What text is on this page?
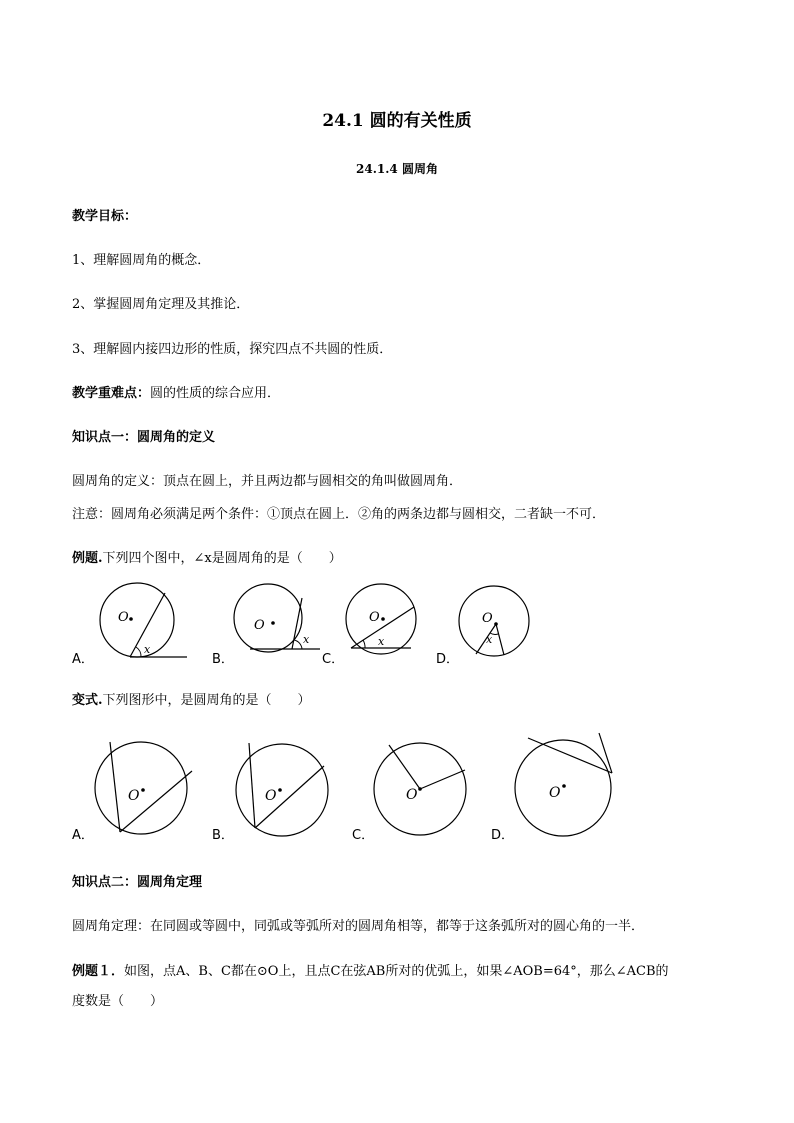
24.1 圆的有关性质
24.1.4 圆周角
教学目标：
1、理解圆周角的概念．
2、掌握圆周角定理及其推论．
3、理解圆内接四边形的性质，探究四点不共圆的性质．
教学重难点：圆的性质的综合应用．
知识点一：圆周角的定义
圆周角的定义：顶点在圆上，并且两边都与圆相交的角叫做圆周角．
注意：圆周角必须满足两个条件：①顶点在圆上．②角的两条边都与圆相交，二者缺一不可．
例题.下列四个图中，∠x是圆周角的是（　　）
A．
O
x
B．
O
x
C．
O
x
D．
O
x
变式.下列图形中，是圆周角的是（　　）
A．
O
B．
O
C．
O
D．
O
知识点二：圆周角定理
圆周角定理：在同圆或等圆中，同弧或等弧所对的圆周角相等，都等于这条弧所对的圆心角的一半．
例题１．如图，点A、B、C都在⊙O上，且点C在弦AB所对的优弧上，如果∠AOB=64°，那么∠ACB的
度数是（　　）
